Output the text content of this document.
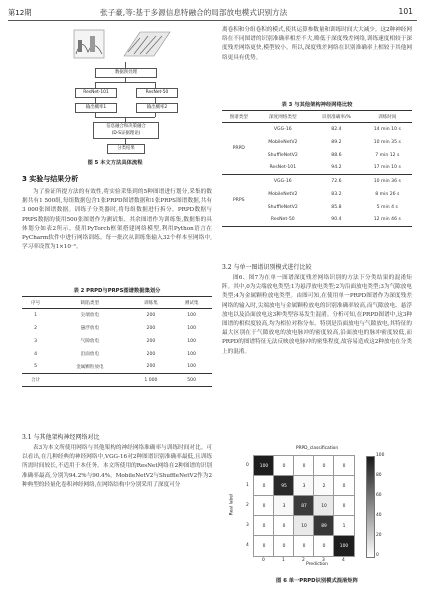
第12期	张子豪,等:基于多源信息特融合的局部放电模式识别方法	101
数据预处理
ResNet-101	ResNet-50
输出概率1	输出概率2
信息融合和决策融合
(D-S证据理论)
分类结果
图 5 本文方法具体流程
3 实验与结果分析
为了验证所提方法的有效性,将实验采集到的5种图谱进行划分,采集的数据共有1 500组,每组数据包含1张PRPD图谱数据和1张PRPS图谱数据,共有3 000张图谱数据。训练子分类器时,将每组数据进行拆分。PRPD数据与PRPS数据的使用500张图谱作为测试集、其余图谱作为训练集,数据集的具体划分如表2所示。使用PyTorch框架搭建网络模型,利用Python语言在PyCharm软件中进行网络训练。每一批次从训练集输入32个样本至网络中,学习率设置为1×10⁻⁵。
表 2 PRPD与PRPS图谱数据集划分
序号	缺陷类型	训练集	测试集
1	尖端放电	200	100
2	悬浮放电	200	100
3	气隙放电	200	100
4	沿面放电	200	100
5	金属颗粒放电	200	100
合计		1 000	500
3.1 与其他架构神经网络对比
表3为本文所使用网络与其他架构的神经网络准确率与训练时间对比。可以看出,在几种经典的神经网络中,VGG-16对2种图谱识别准确率最低,且训练所需时间较长,不适用于本任务。本文所使用的ResNet网络在2种图谱的识别准确率最高,分别为94.2%与90.4%。MobileNetV2与ShuffleNetV2作为2种典型的轻量化卷积神经网络,在网络结构中分别采用了深度可分
离卷积和分组卷积的模式,使其运算参数量和训练时间大大减少。这2种神经网络在不同图谱的识别准确率相差不大,略低于深度残差网络,训练速度相较于深度残差网络更快,模型较小。所以,深度残差网络在识别准确率上相较于其他网络更具有优势。
表 3 与其他架构神经网络比较
图谱类型	深度网络类型	识别准确率/%	训练时间
PRPD	VGG-16	82.4	14 min 10 s
	MobileNetV2	89.2	10 min 35 s
	ShuffleNetV2	88.6	7 min 12 s
	ResNet-101	94.2	17 min 10 s
PRPS	VGG-16	72.6	10 min 36 s
	MobileNetV2	83.2	8 min 26 s
	ShuffleNetV2	85.8	5 min 4 s
	ResNet-50	90.4	12 min 46 s
3.2 与单一图谱识别模式进行比较
图6、图7为在单一图谱深度残差网络识别的方法下分类结果的混淆矩阵。其中,0为尖端放电类型;1为悬浮放电类型;2为沿面放电类型;3为气隙放电类型;4为金属颗粒放电类型。由图可知,在使用单一PRPD图谱作为深度残差网络的输入时,尖端放电与金属颗粒放电的识别准确率较高,而气隙放电、悬浮放电以及沿面放电这3种类型容易发生混淆。分析可知,在PRPD图谱中,这3种图谱的相似度较高,均为相位对称分布。特别是沿面放电与气隙放电,其特征的最大区别在于气隙放电的放电脉冲的密度较高,沿面放电的脉冲密度较低,而PRPD的图谱特征无法反映放电脉冲的密集程度,故容易造成这2种放电在分类上的混淆。
PRPD_classification
Real label
Prediction
100	0	0	0	0
0	95	3	2	0
0	3	87	10	0
0	0	10	89	1
0	0	0	0	100
0
1
2
3
4
0	1	2	3	4
100
80
60
40
20
0
图 6 单一PRPD识别模式混淆矩阵
